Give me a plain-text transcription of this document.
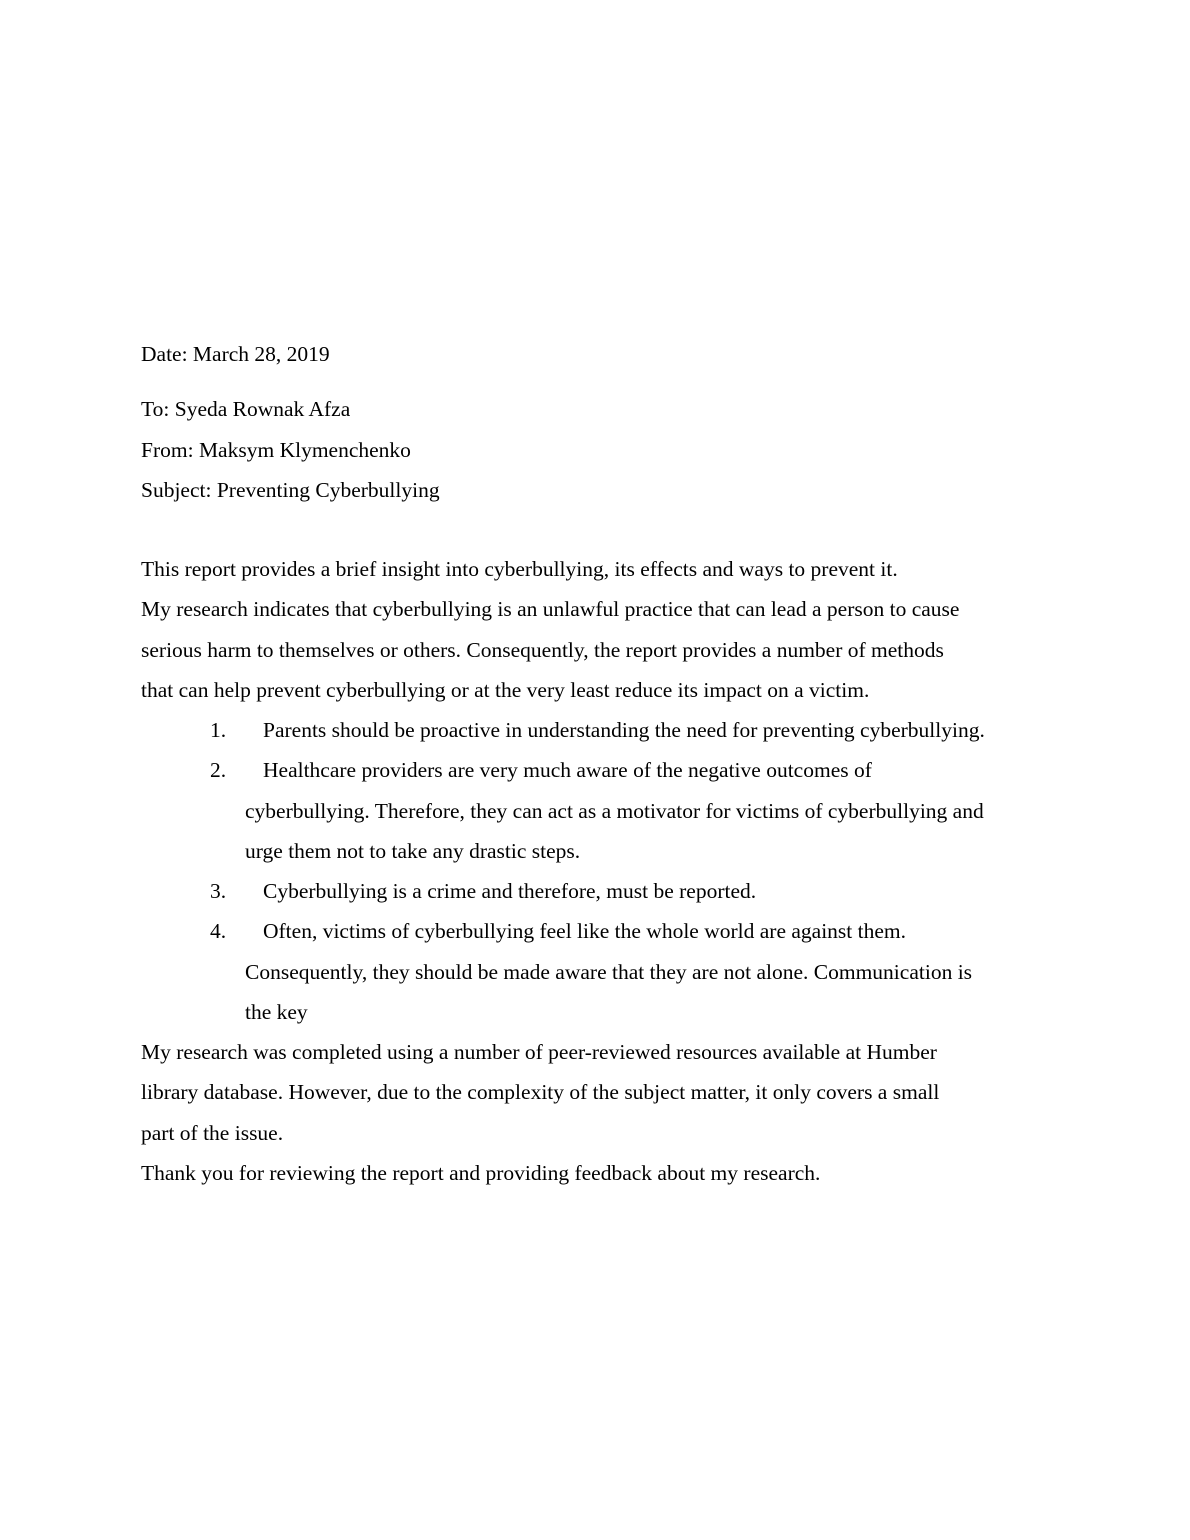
Date: March 28, 2019
To: Syeda Rownak Afza
From: Maksym Klymenchenko
Subject: Preventing Cyberbullying
This report provides a brief insight into cyberbullying, its effects and ways to prevent it.
My research indicates that cyberbullying is an unlawful practice that can lead a person to cause
serious harm to themselves or others. Consequently, the report provides a number of methods
that can help prevent cyberbullying or at the very least reduce its impact on a victim.
1. Parents should be proactive in understanding the need for preventing cyberbullying.
2. Healthcare providers are very much aware of the negative outcomes of
cyberbullying. Therefore, they can act as a motivator for victims of cyberbullying and
urge them not to take any drastic steps.
3. Cyberbullying is a crime and therefore, must be reported.
4. Often, victims of cyberbullying feel like the whole world are against them.
Consequently, they should be made aware that they are not alone. Communication is
the key
My research was completed using a number of peer-reviewed resources available at Humber
library database. However, due to the complexity of the subject matter, it only covers a small
part of the issue.
Thank you for reviewing the report and providing feedback about my research.
